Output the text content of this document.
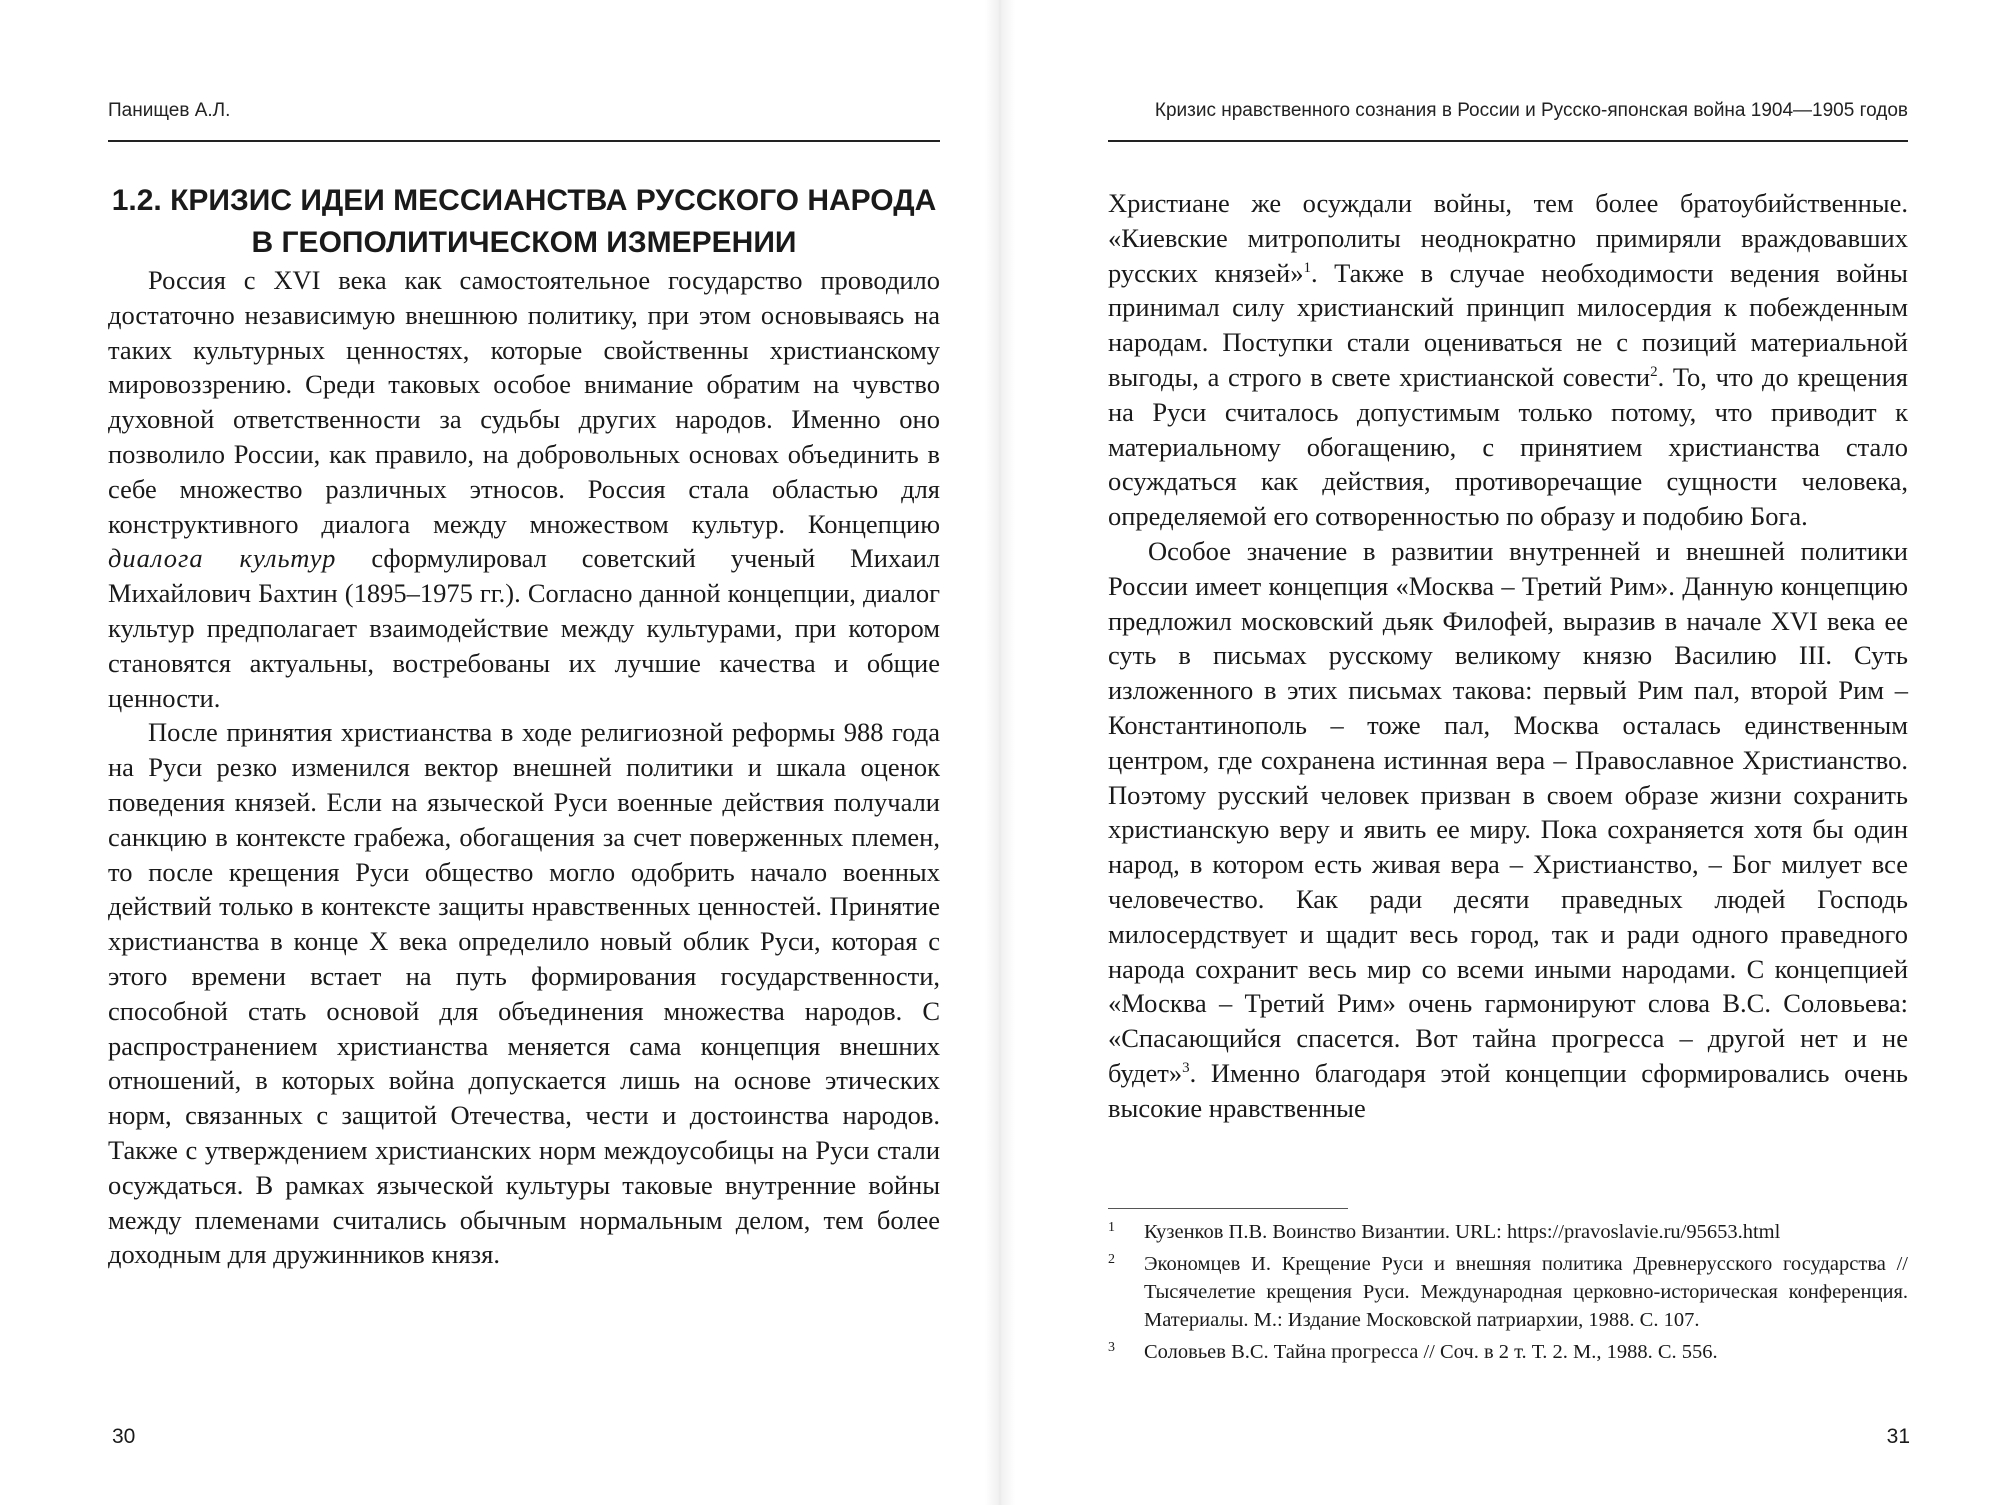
Панищев А.Л.
1.2. КРИЗИС ИДЕИ МЕССИАНСТВА РУССКОГО НАРОДА
В ГЕОПОЛИТИЧЕСКОМ ИЗМЕРЕНИИ

Россия с XVI века как самостоятельное государство проводило достаточно независимую внешнюю политику, при этом основываясь на таких культурных ценностях, которые свойственны христианскому мировоззрению. Среди таковых особое внимание обратим на чувство духовной ответственности за судьбы других народов. Именно оно позволило России, как правило, на добровольных основах объединить в себе множество различных этносов. Россия стала областью для конструктивного диалога между множеством культур. Концепцию диалога культур сформулировал советский ученый Михаил Михайлович Бахтин (1895–1975 гг.). Согласно данной концепции, диалог культур предполагает взаимодействие между культурами, при котором становятся актуальны, востребованы их лучшие качества и общие ценности.

После принятия христианства в ходе религиозной реформы 988 года на Руси резко изменился вектор внешней политики и шкала оценок поведения князей. Если на языческой Руси военные действия получали санкцию в контексте грабежа, обогащения за счет поверженных племен, то после крещения Руси общество могло одобрить начало военных действий только в контексте защиты нравственных ценностей. Принятие христианства в конце X века определило новый облик Руси, которая с этого времени встает на путь формирования государственности, способной стать основой для объединения множества народов. С распространением христианства меняется сама концепция внешних отношений, в которых война допускается лишь на основе этических норм, связанных с защитой Отечества, чести и достоинства народов. Также с утверждением христианских норм междоусобицы на Руси стали осуждаться. В рамках языческой культуры таковые внутренние войны между племенами считались обычным нормальным делом, тем более доходным для дружинников князя.

30
Кризис нравственного сознания в России и Русско-японская война 1904—1905 годов

Христиане же осуждали войны, тем более братоубийственные. «Киевские митрополиты неоднократно примиряли враждовавших русских князей»$^1$. Также в случае необходимости ведения войны принимал силу христианский принцип милосердия к побежденным народам. Поступки стали оцениваться не с позиций материальной выгоды, а строго в свете христианской совести$^2$. То, что до крещения на Руси считалось допустимым только потому, что приводит к материальному обогащению, с принятием христианства стало осуждаться как действия, противоречащие сущности человека, определяемой его сотворенностью по образу и подобию Бога.

Особое значение в развитии внутренней и внешней политики России имеет концепция «Москва – Третий Рим». Данную концепцию предложил московский дьяк Филофей, выразив в начале XVI века ее суть в письмах русскому великому князю Василию III. Суть изложенного в этих письмах такова: первый Рим пал, второй Рим – Константинополь – тоже пал, Москва осталась единственным центром, где сохранена истинная вера – Православное Христианство. Поэтому русский человек призван в своем образе жизни сохранить христианскую веру и явить ее миру. Пока сохраняется хотя бы один народ, в котором есть живая вера – Христианство, – Бог милует все человечество. Как ради десяти праведных людей Господь милосердствует и щадит весь город, так и ради одного праведного народа сохранит весь мир со всеми иными народами. С концепцией «Москва – Третий Рим» очень гармонируют слова В.С. Соловьева: «Спасающийся спасется. Вот тайна прогресса – другой нет и не будет»$^3$. Именно благодаря этой концепции сформировались очень высокие нравственные

1 Кузенков П.В. Воинство Византии. URL: https://pravoslavie.ru/95653.html
2 Экономцев И. Крещение Руси и внешняя политика Древнерусского государства // Тысячелетие крещения Руси. Международная церковно-историческая конференция. Материалы. М.: Издание Московской патриархии, 1988. С. 107.
3 Соловьев В.С. Тайна прогресса // Соч. в 2 т. Т. 2. М., 1988. С. 556.
31
